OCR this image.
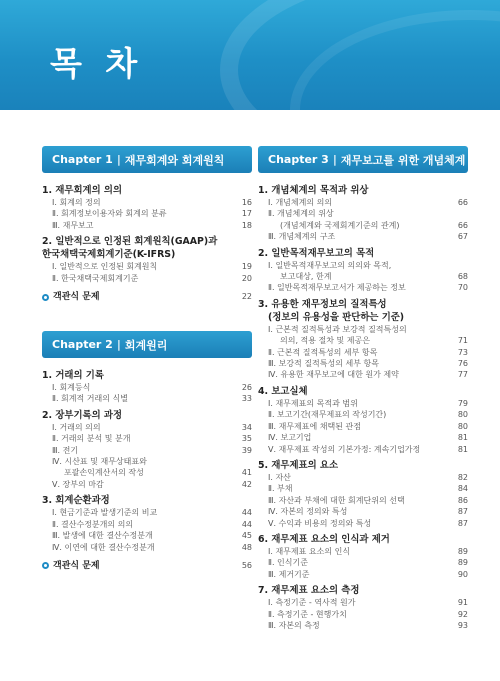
목 차
Chapter 1 | 재무회계와 회계원칙
1. 재무회계의 의의
Ⅰ. 회계의 정의	16
Ⅱ. 회계정보이용자와 회계의 분류	17
Ⅲ. 재무보고	18
2. 일반적으로 인정된 회계원칙(GAAP)과
한국채택국제회계기준(K-IFRS)
Ⅰ. 일반적으로 인정된 회계원칙	19
Ⅱ. 한국채택국제회계기준	20
객관식 문제	22
Chapter 2 | 회계원리
1. 거래의 기록
Ⅰ. 회계등식	26
Ⅱ. 회계적 거래의 식별	33
2. 장부기록의 과정
Ⅰ. 거래의 의의	34
Ⅱ. 거래의 분석 및 분개	35
Ⅲ. 전기	39
Ⅳ. 시산표 및 재무상태표와
포괄손익계산서의 작성	41
Ⅴ. 장부의 마감	42
3. 회계순환과정
Ⅰ. 현금기준과 발생기준의 비교	44
Ⅱ. 결산수정분개의 의의	44
Ⅲ. 발생에 대한 결산수정분개	45
Ⅳ. 이연에 대한 결산수정분개	48
객관식 문제	56
Chapter 3 | 재무보고를 위한 개념체계
1. 개념체계의 목적과 위상
Ⅰ. 개념체계의 의의	66
Ⅱ. 개념체계의 위상
(개념체계와 국제회계기준의 관계)	66
Ⅲ. 개념체계의 구조	67
2. 일반목적재무보고의 목적
Ⅰ. 일반목적재무보고의 의의와 목적,
보고대상, 한계	68
Ⅱ. 일반목적재무보고서가 제공하는 정보	70
3. 유용한 재무정보의 질적특성
(정보의 유용성을 판단하는 기준)
Ⅰ. 근본적 질적특성과 보강적 질적특성의
의의, 적용 절차 및 제공은	71
Ⅱ. 근본적 질적특성의 세부 항목	73
Ⅲ. 보강적 질적특성의 세부 항목	76
Ⅳ. 유용한 재무보고에 대한 원가 제약	77
4. 보고실체
Ⅰ. 재무제표의 목적과 범위	79
Ⅱ. 보고기간(재무제표의 작성기간)	80
Ⅲ. 재무제표에 채택된 관점	80
Ⅳ. 보고기업	81
Ⅴ. 재무제표 작성의 기본가정: 계속기업가정	81
5. 재무제표의 요소
Ⅰ. 자산	82
Ⅱ. 부채	84
Ⅲ. 자산과 부채에 대한 회계단위의 선택	86
Ⅳ. 자본의 정의와 특성	87
Ⅴ. 수익과 비용의 정의와 특성	87
6. 재무제표 요소의 인식과 제거
Ⅰ. 재무제표 요소의 인식	89
Ⅱ. 인식기준	89
Ⅲ. 제거기준	90
7. 재무제표 요소의 측정
Ⅰ. 측정기준 - 역사적 원가	91
Ⅱ. 측정기준 - 현행가치	92
Ⅲ. 자본의 측정	93
